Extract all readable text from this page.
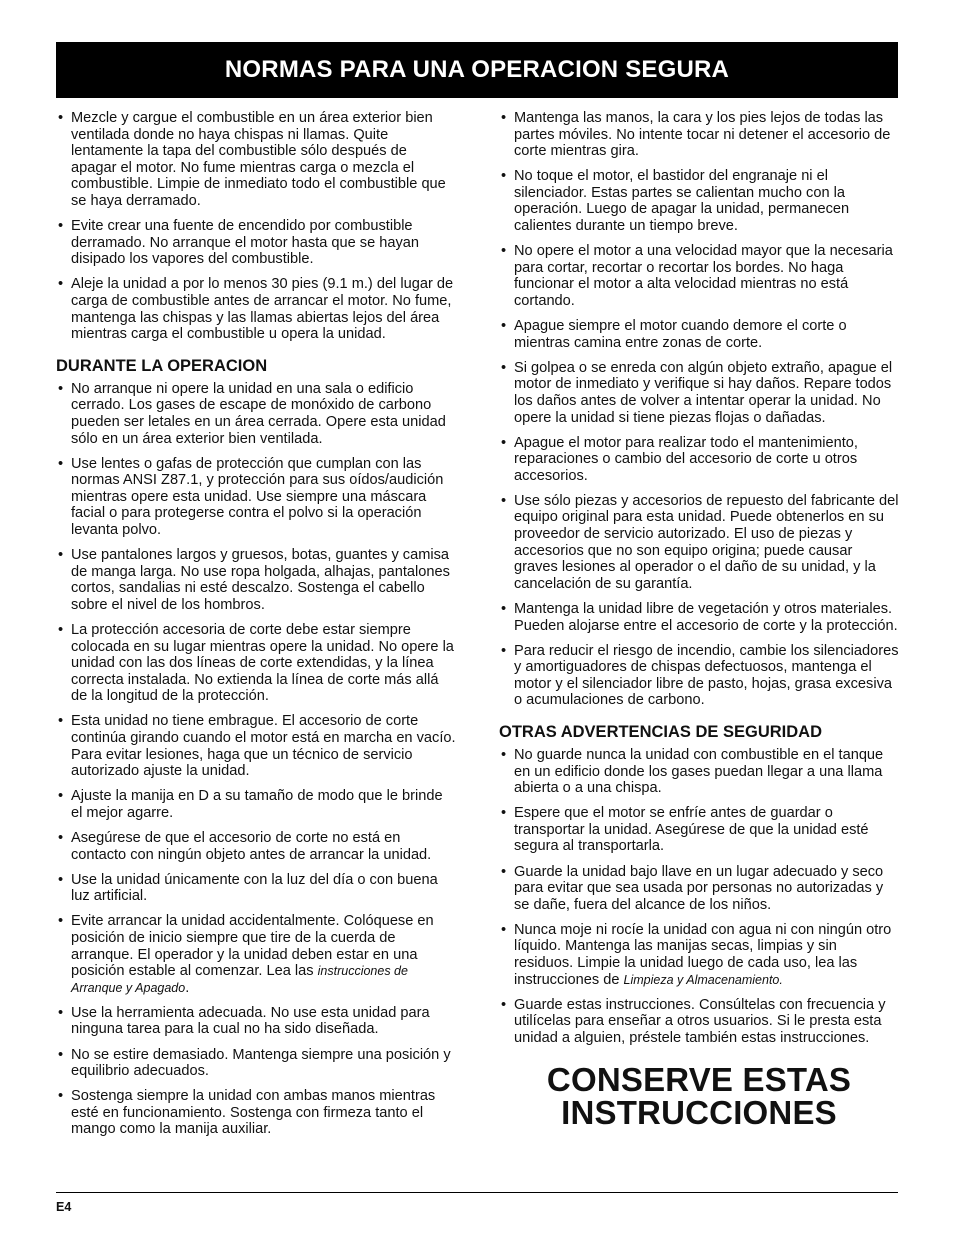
NORMAS PARA UNA OPERACION SEGURA
• Mezcle y cargue el combustible en un área exterior bien ventilada donde no haya chispas ni llamas. Quite lentamente la tapa del combustible sólo después de apagar el motor. No fume mientras carga o mezcla el combustible. Limpie de inmediato todo el combustible que se haya derramado.
• Evite crear una fuente de encendido por combustible derramado. No arranque el motor hasta que se hayan disipado los vapores del combustible.
• Aleje la unidad a por lo menos 30 pies (9.1 m.) del lugar de carga de combustible antes de arrancar el motor. No fume, mantenga las chispas y las llamas abiertas lejos del área mientras carga el combustible u opera la unidad.
DURANTE LA OPERACION
• No arranque ni opere la unidad en una sala o edificio cerrado. Los gases de escape de monóxido de carbono pueden ser letales en un área cerrada. Opere esta unidad sólo en un área exterior bien ventilada.
• Use lentes o gafas de protección que cumplan con las normas ANSI Z87.1, y protección para sus oídos/audición mientras opere esta unidad. Use siempre una máscara facial o para protegerse contra el polvo si la operación levanta polvo.
• Use pantalones largos y gruesos, botas, guantes y camisa de manga larga. No use ropa holgada, alhajas, pantalones cortos, sandalias ni esté descalzo. Sostenga el cabello sobre el nivel de los hombros.
• La protección accesoria de corte debe estar siempre colocada en su lugar mientras opere la unidad. No opere la unidad con las dos líneas de corte extendidas, y la línea correcta instalada. No extienda la línea de corte más allá de la longitud de la protección.
• Esta unidad no tiene embrague. El accesorio de corte continúa girando cuando el motor está en marcha en vacío. Para evitar lesiones, haga que un técnico de servicio autorizado ajuste la unidad.
• Ajuste la manija en D a su tamaño de modo que le brinde el mejor agarre.
• Asegúrese de que el accesorio de corte no está en contacto con ningún objeto antes de arrancar la unidad.
• Use la unidad únicamente con la luz del día o con buena luz artificial.
• Evite arrancar la unidad accidentalmente. Colóquese en posición de inicio siempre que tire de la cuerda de arranque. El operador y la unidad deben estar en una posición estable al comenzar. Lea las instrucciones de Arranque y Apagado.
• Use la herramienta adecuada. No use esta unidad para ninguna tarea para la cual no ha sido diseñada.
• No se estire demasiado. Mantenga siempre una posición y equilibrio adecuados.
• Sostenga siempre la unidad con ambas manos mientras esté en funcionamiento. Sostenga con firmeza tanto el mango como la manija auxiliar.
• Mantenga las manos, la cara y los pies lejos de todas las partes móviles. No intente tocar ni detener el accesorio de corte mientras gira.
• No toque el motor, el bastidor del engranaje ni el silenciador. Estas partes se calientan mucho con la operación. Luego de apagar la unidad, permanecen calientes durante un tiempo breve.
• No opere el motor a una velocidad mayor que la necesaria para cortar, recortar o recortar los bordes. No haga funcionar el motor a alta velocidad mientras no está cortando.
• Apague siempre el motor cuando demore el corte o mientras camina entre zonas de corte.
• Si golpea o se enreda con algún objeto extraño, apague el motor de inmediato y verifique si hay daños. Repare todos los daños antes de volver a intentar operar la unidad. No opere la unidad si tiene piezas flojas o dañadas.
• Apague el motor para realizar todo el mantenimiento, reparaciones o cambio del accesorio de corte u otros accesorios.
• Use sólo piezas y accesorios de repuesto del fabricante del equipo original para esta unidad. Puede obtenerlos en su proveedor de servicio autorizado. El uso de piezas y accesorios que no son equipo origina; puede causar graves lesiones al operador o el daño de su unidad, y la cancelación de su garantía.
• Mantenga la unidad libre de vegetación y otros materiales. Pueden alojarse entre el accesorio de corte y la protección.
• Para reducir el riesgo de incendio, cambie los silenciadores y amortiguadores de chispas defectuosos, mantenga el motor y el silenciador libre de pasto, hojas, grasa excesiva o acumulaciones de carbono.
OTRAS ADVERTENCIAS DE SEGURIDAD
• No guarde nunca la unidad con combustible en el tanque en un edificio donde los gases puedan llegar a una llama abierta o a una chispa.
• Espere que el motor se enfríe antes de guardar o transportar la unidad. Asegúrese de que la unidad esté segura al transportarla.
• Guarde la unidad bajo llave en un lugar adecuado y seco para evitar que sea usada por personas no autorizadas y se dañe, fuera del alcance de los niños.
• Nunca moje ni rocíe la unidad con agua ni con ningún otro líquido. Mantenga las manijas secas, limpias y sin residuos. Limpie la unidad luego de cada uso, lea las instrucciones de Limpieza y Almacenamiento.
• Guarde estas instrucciones. Consúltelas con frecuencia y utilícelas para enseñar a otros usuarios. Si le presta esta unidad a alguien, préstele también estas instrucciones.
CONSERVE ESTAS
INSTRUCCIONES
E4
